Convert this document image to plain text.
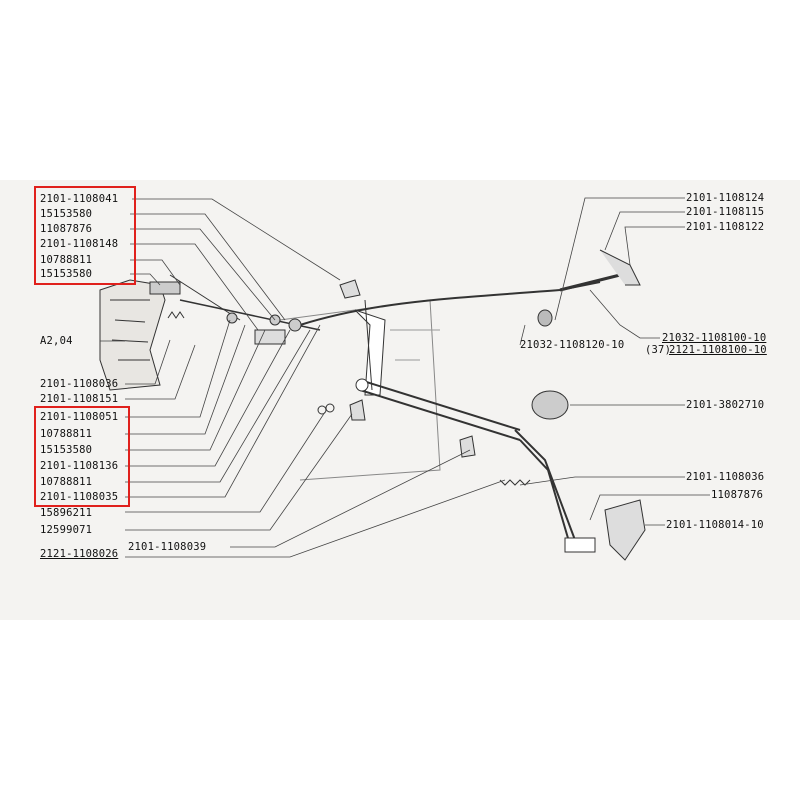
2101-1108041
15153580
11087876
2101-1108148
10788811
15153580
A2,04
2101-1108036
2101-1108151
2101-1108051
10788811
15153580
2101-1108136
10788811
2101-1108035
15896211
12599071
2121-1108026
2101-1108039
2101-1108124
2101-1108115
2101-1108122
21032-1108100-10
(37)
2121-1108100-10
21032-1108120-10
2101-3802710
2101-1108036
11087876
2101-1108014-10
